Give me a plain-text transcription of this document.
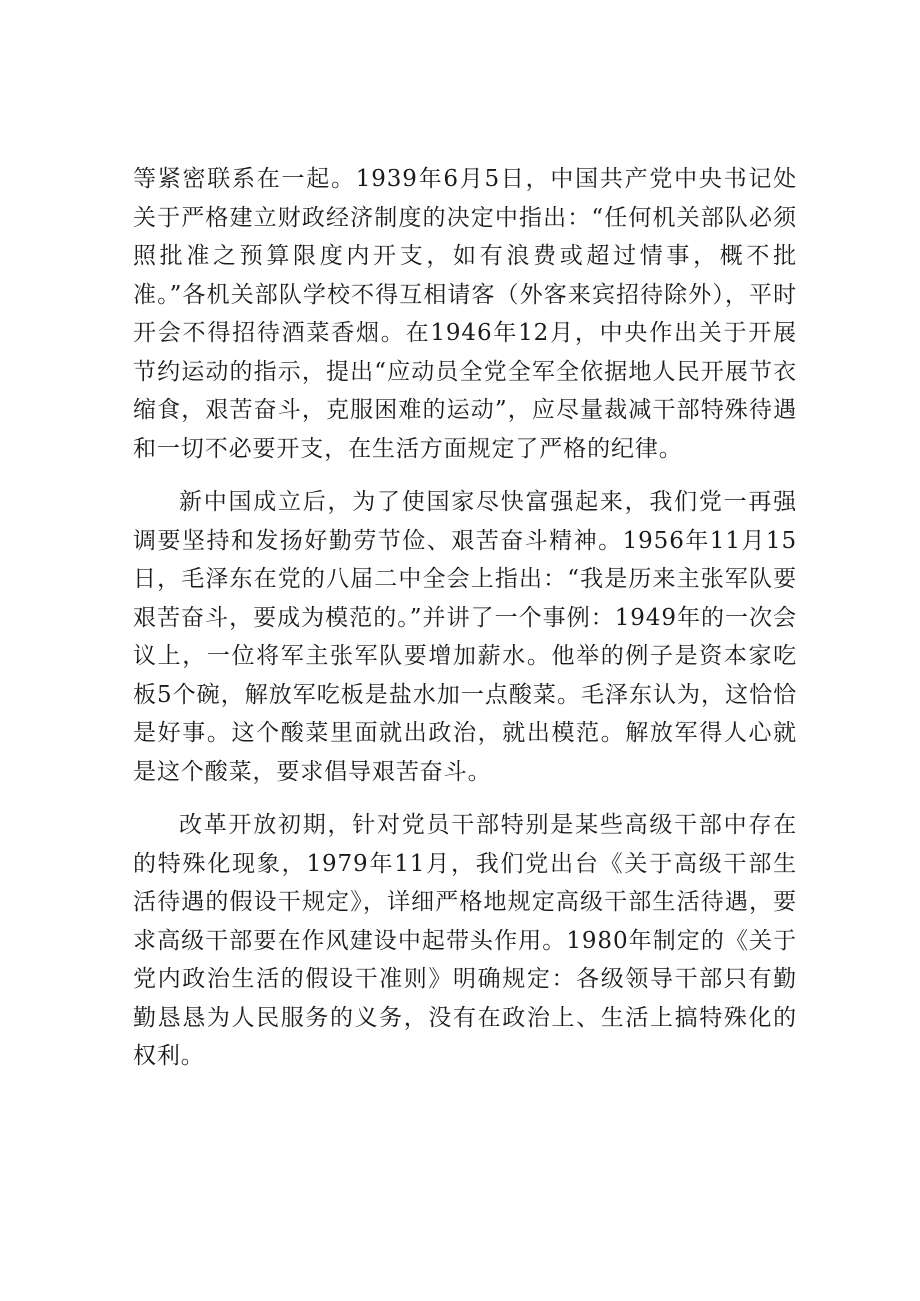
等紧密联系在一起。1939年6月5日，中国共产党中央书记处关于严格建立财政经济制度的决定中指出：“任何机关部队必须照批准之预算限度内开支，如有浪费或超过情事，概不批准。”各机关部队学校不得互相请客（外客来宾招待除外），平时开会不得招待酒菜香烟。在1946年12月，中央作出关于开展节约运动的指示，提出“应动员全党全军全依据地人民开展节衣缩食，艰苦奋斗，克服困难的运动”，应尽量裁减干部特殊待遇和一切不必要开支，在生活方面规定了严格的纪律。

新中国成立后，为了使国家尽快富强起来，我们党一再强调要坚持和发扬好勤劳节俭、艰苦奋斗精神。1956年11月15日，毛泽东在党的八届二中全会上指出：“我是历来主张军队要艰苦奋斗，要成为模范的。”并讲了一个事例：1949年的一次会议上，一位将军主张军队要增加薪水。他举的例子是资本家吃板5个碗，解放军吃板是盐水加一点酸菜。毛泽东认为，这恰恰是好事。这个酸菜里面就出政治，就出模范。解放军得人心就是这个酸菜，要求倡导艰苦奋斗。

改革开放初期，针对党员干部特别是某些高级干部中存在的特殊化现象，1979年11月，我们党出台《关于高级干部生活待遇的假设干规定》，详细严格地规定高级干部生活待遇，要求高级干部要在作风建设中起带头作用。1980年制定的《关于党内政治生活的假设干准则》明确规定：各级领导干部只有勤勤恳恳为人民服务的义务，没有在政治上、生活上搞特殊化的权利。
